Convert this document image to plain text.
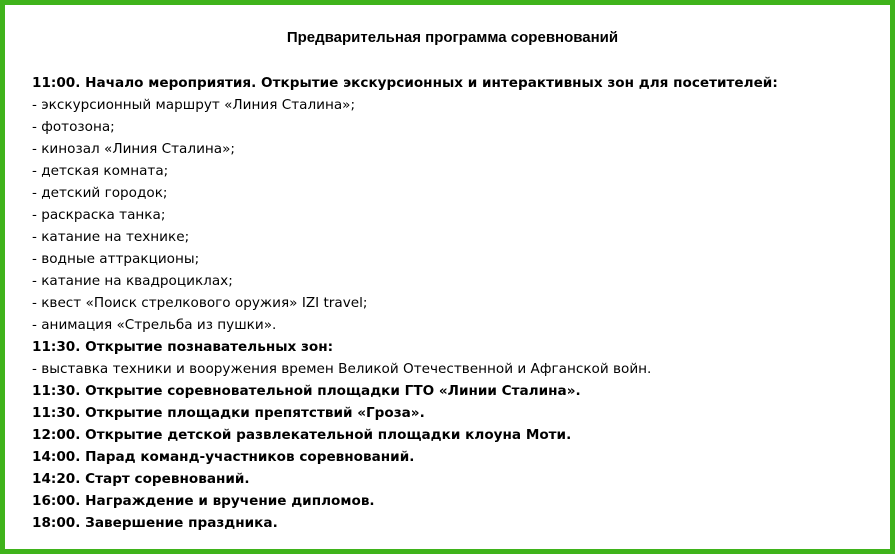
Предварительная программа соревнований
11:00. Начало мероприятия. Открытие экскурсионных и интерактивных зон для посетителей:
- экскурсионный маршрут «Линия Сталина»;
- фотозона;
- кинозал «Линия Сталина»;
- детская комната;
- детский городок;
- раскраска танка;
- катание на технике;
- водные аттракционы;
- катание на квадроциклах;
- квест «Поиск стрелкового оружия» IZI travel;
- анимация «Стрельба из пушки».
11:30. Открытие познавательных зон:
- выставка техники и вооружения времен Великой Отечественной и Афганской войн.
11:30. Открытие соревновательной площадки ГТО «Линии Сталина».
11:30. Открытие площадки препятствий «Гроза».
12:00. Открытие детской развлекательной площадки клоуна Моти.
14:00. Парад команд-участников соревнований.
14:20. Старт соревнований.
16:00. Награждение и вручение дипломов.
18:00. Завершение праздника.
